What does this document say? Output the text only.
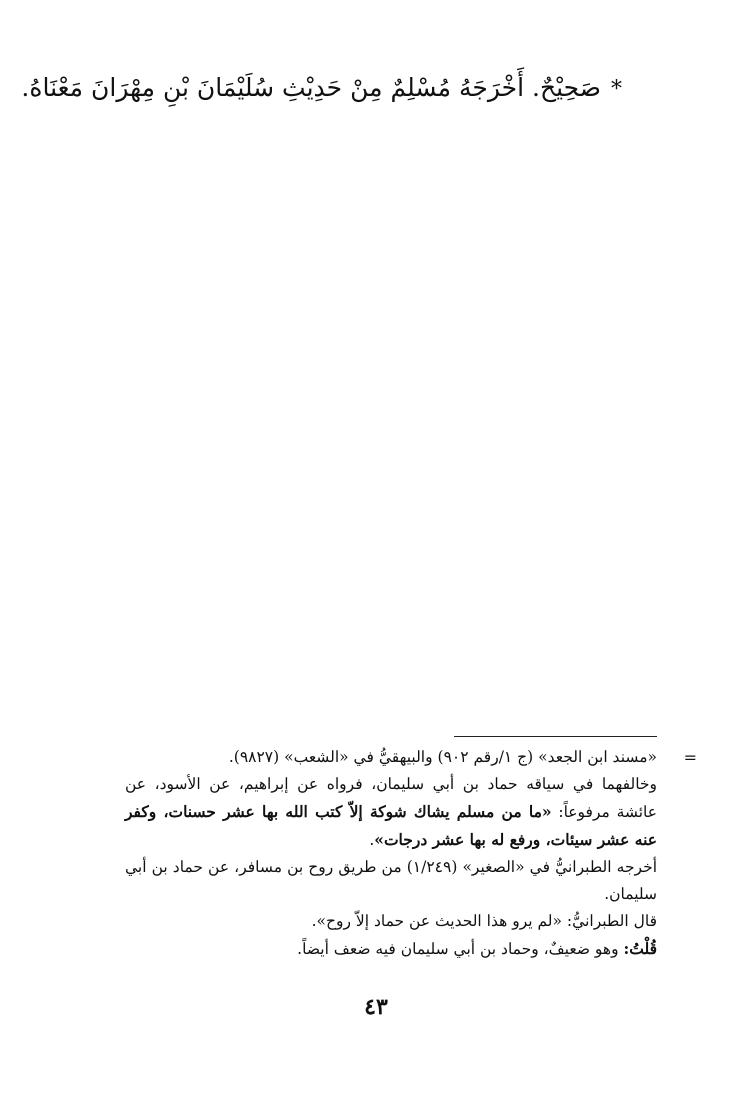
*صَحِيْحٌ. أَخْرَجَهُ مُسْلِمٌ مِنْ حَدِيْثِ سُلَيْمَانَ بْنِ مِهْرَانَ مَعْنَاهُ.
=

«مسند ابن الجعد» (ج ١/رقم ٩٠٢) والبيهقيُّ في «الشعب» (٩٨٢٧).

وخالفهما في سياقه حماد بن أبي سليمان، فرواه عن إبراهيم، عن الأسود، عن عائشة مرفوعاً: «ما من مسلم يشاك شوكة إلاّ كتب الله بها عشر حسنات، وكفر عنه عشر سيئات، ورفع له بها عشر درجات».

أخرجه الطبرانيُّ في «الصغير» (١/٢٤٩) من طريق روح بن مسافر، عن حماد بن أبي سليمان.

قال الطبرانيُّ: «لم يرو هذا الحديث عن حماد إلاّ روح».

قُلْتُ: وهو ضعيفٌ، وحماد بن أبي سليمان فيه ضعف أيضاً.

٤٣
